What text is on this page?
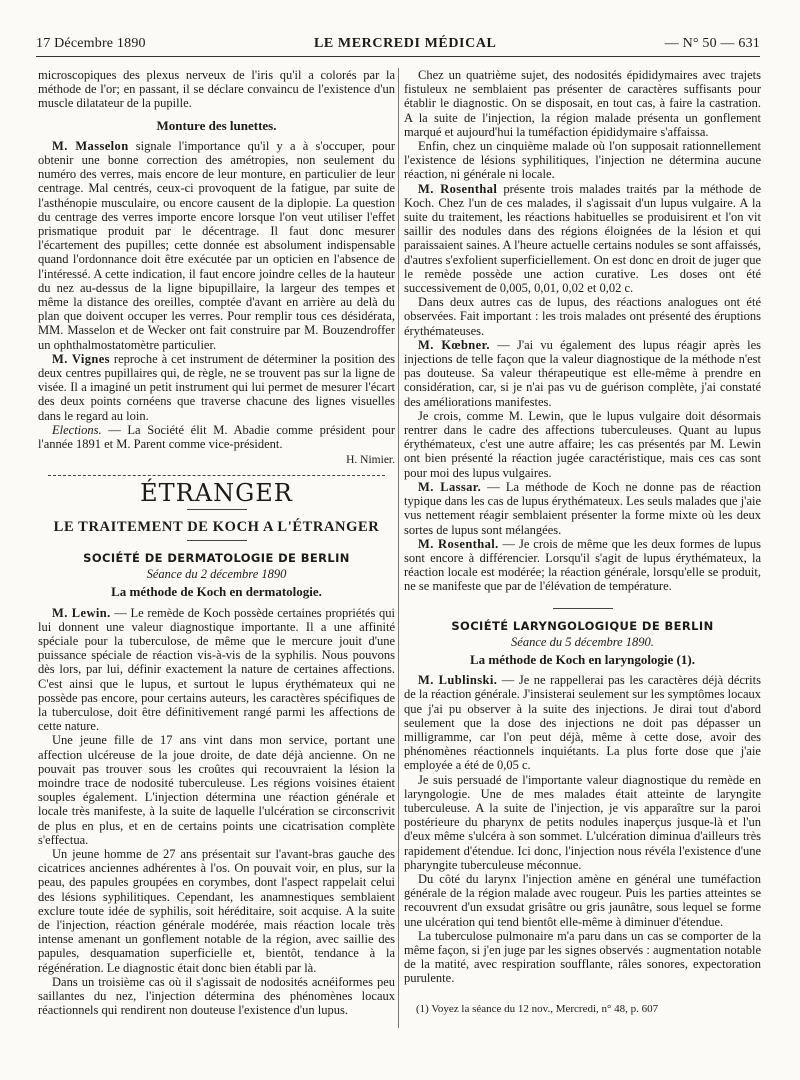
17 Décembre 1890	LE MERCREDI MÉDICAL	— N° 50 — 631

microscopiques des plexus nerveux de l'iris qu'il a colorés par la méthode de l'or; en passant, il se déclare convaincu de l'existence d'un muscle dilatateur de la pupille.

Monture des lunettes.

M. Masselon signale l'importance qu'il y a à s'occuper, pour obtenir une bonne correction des amétropies, non seulement du numéro des verres, mais encore de leur monture, en particulier de leur centrage. Mal centrés, ceux-ci provoquent de la fatigue, par suite de l'asthénopie musculaire, ou encore causent de la diplopie. La question du centrage des verres importe encore lorsque l'on veut utiliser l'effet prismatique produit par le décentrage. Il faut donc mesurer l'écartement des pupilles; cette donnée est absolument indispensable quand l'ordonnance doit être exécutée par un opticien en l'absence de l'intéressé. A cette indication, il faut encore joindre celles de la hauteur du nez au-dessus de la ligne bipupillaire, la largeur des tempes et même la distance des oreilles, comptée d'avant en arrière au delà du plan que doivent occuper les verres. Pour remplir tous ces désidérata, MM. Masselon et de Wecker ont fait construire par M. Bouzendroffer un ophthalmostatomètre particulier.

M. Vignes reproche à cet instrument de déterminer la position des deux centres pupillaires qui, de règle, ne se trouvent pas sur la ligne de visée. Il a imaginé un petit instrument qui lui permet de mesurer l'écart des deux points cornéens que traverse chacune des lignes visuelles dans le regard au loin.

Elections. — La Société élit M. Abadie comme président pour l'année 1891 et M. Parent comme vice-président.

H. Nimier.
ÉTRANGER
LE TRAITEMENT DE KOCH A L'ÉTRANGER
SOCIÉTÉ DE DERMATOLOGIE DE BERLIN
Séance du 2 décembre 1890
La méthode de Koch en dermatologie.

M. Lewin. — Le remède de Koch possède certaines propriétés qui lui donnent une valeur diagnostique importante. Il a une affinité spéciale pour la tuberculose, de même que le mercure jouit d'une puissance spéciale de réaction vis-à-vis de la syphilis. Nous pouvons dès lors, par lui, définir exactement la nature de certaines affections. C'est ainsi que le lupus, et surtout le lupus érythémateux qui ne possède pas encore, pour certains auteurs, les caractères spécifiques de la tuberculose, doit être définitivement rangé parmi les affections de cette nature.

Une jeune fille de 17 ans vint dans mon service, portant une affection ulcéreuse de la joue droite, de date déjà ancienne. On ne pouvait pas trouver sous les croûtes qui recouvraient la lésion la moindre trace de nodosité tuberculeuse. Les régions voisines étaient souples également. L'injection détermina une réaction générale et locale très manifeste, à la suite de laquelle l'ulcération se circonscrivit de plus en plus, et en de certains points une cicatrisation complète s'effectua.

Un jeune homme de 27 ans présentait sur l'avant-bras gauche des cicatrices anciennes adhérentes à l'os. On pouvait voir, en plus, sur la peau, des papules groupées en corymbes, dont l'aspect rappelait celui des lésions syphilitiques. Cependant, les anamnestiques semblaient exclure toute idée de syphilis, soit héréditaire, soit acquise. A la suite de l'injection, réaction générale modérée, mais réaction locale très intense amenant un gonflement notable de la région, avec saillie des papules, desquamation superficielle et, bientôt, tendance à la régénération. Le diagnostic était donc bien établi par là.

Dans un troisième cas où il s'agissait de nodosités acnéiformes peu saillantes du nez, l'injection détermina des phénomènes locaux réactionnels qui rendirent non douteuse l'existence d'un lupus.

Chez un quatrième sujet, des nodosités épididymaires avec trajets fistuleux ne semblaient pas présenter de caractères suffisants pour établir le diagnostic. On se disposait, en tout cas, à faire la castration. A la suite de l'injection, la région malade présenta un gonflement marqué et aujourd'hui la tuméfaction épididymaire s'affaissa.

Enfin, chez un cinquième malade où l'on supposait rationnellement l'existence de lésions syphilitiques, l'injection ne détermina aucune réaction, ni générale ni locale.

M. Rosenthal présente trois malades traités par la méthode de Koch. Chez l'un de ces malades, il s'agissait d'un lupus vulgaire. A la suite du traitement, les réactions habituelles se produisirent et l'on vit saillir des nodules dans des régions éloignées de la lésion et qui paraissaient saines. A l'heure actuelle certains nodules se sont affaissés, d'autres s'exfolient superficiellement. On est donc en droit de juger que le remède possède une action curative. Les doses ont été successivement de 0,005, 0,01, 0,02 et 0,02 c.

Dans deux autres cas de lupus, des réactions analogues ont été observées. Fait important : les trois malades ont présenté des éruptions érythémateuses.

M. Kœbner. — J'ai vu également des lupus réagir après les injections de telle façon que la valeur diagnostique de la méthode n'est pas douteuse. Sa valeur thérapeutique est elle-même à prendre en considération, car, si je n'ai pas vu de guérison complète, j'ai constaté des améliorations manifestes.

Je crois, comme M. Lewin, que le lupus vulgaire doit désormais rentrer dans le cadre des affections tuberculeuses. Quant au lupus érythémateux, c'est une autre affaire; les cas présentés par M. Lewin ont bien présenté la réaction jugée caractéristique, mais ces cas sont pour moi des lupus vulgaires.

M. Lassar. — La méthode de Koch ne donne pas de réaction typique dans les cas de lupus érythémateux. Les seuls malades que j'aie vus nettement réagir semblaient présenter la forme mixte où les deux sortes de lupus sont mélangées.

M. Rosenthal. — Je crois de même que les deux formes de lupus sont encore à différencier. Lorsqu'il s'agit de lupus érythémateux, la réaction locale est modérée; la réaction générale, lorsqu'elle se produit, ne se manifeste que par de l'élévation de température.

SOCIÉTÉ LARYNGOLOGIQUE DE BERLIN
Séance du 5 décembre 1890.
La méthode de Koch en laryngologie (1).

M. Lublinski. — Je ne rappellerai pas les caractères déjà décrits de la réaction générale. J'insisterai seulement sur les symptômes locaux que j'ai pu observer à la suite des injections. Je dirai tout d'abord seulement que la dose des injections ne doit pas dépasser un milligramme, car l'on peut déjà, même à cette dose, avoir des phénomènes réactionnels inquiétants. La plus forte dose que j'aie employée a été de 0,05 c.

Je suis persuadé de l'importante valeur diagnostique du remède en laryngologie. Une de mes malades était atteinte de laryngite tuberculeuse. A la suite de l'injection, je vis apparaître sur la paroi postérieure du pharynx de petits nodules inaperçus jusque-là et l'un d'eux même s'ulcéra à son sommet. L'ulcération diminua d'ailleurs très rapidement d'étendue. Ici donc, l'injection nous révéla l'existence d'une pharyngite tuberculeuse méconnue.

Du côté du larynx l'injection amène en général une tuméfaction générale de la région malade avec rougeur. Puis les parties atteintes se recouvrent d'un exsudat grisâtre ou gris jaunâtre, sous lequel se forme une ulcération qui tend bientôt elle-même à diminuer d'étendue.

La tuberculose pulmonaire m'a paru dans un cas se comporter de la même façon, si j'en juge par les signes observés : augmentation notable de la matité, avec respiration soufflante, râles sonores, expectoration purulente.

(1) Voyez la séance du 12 nov., Mercredi, n° 48, p. 607
